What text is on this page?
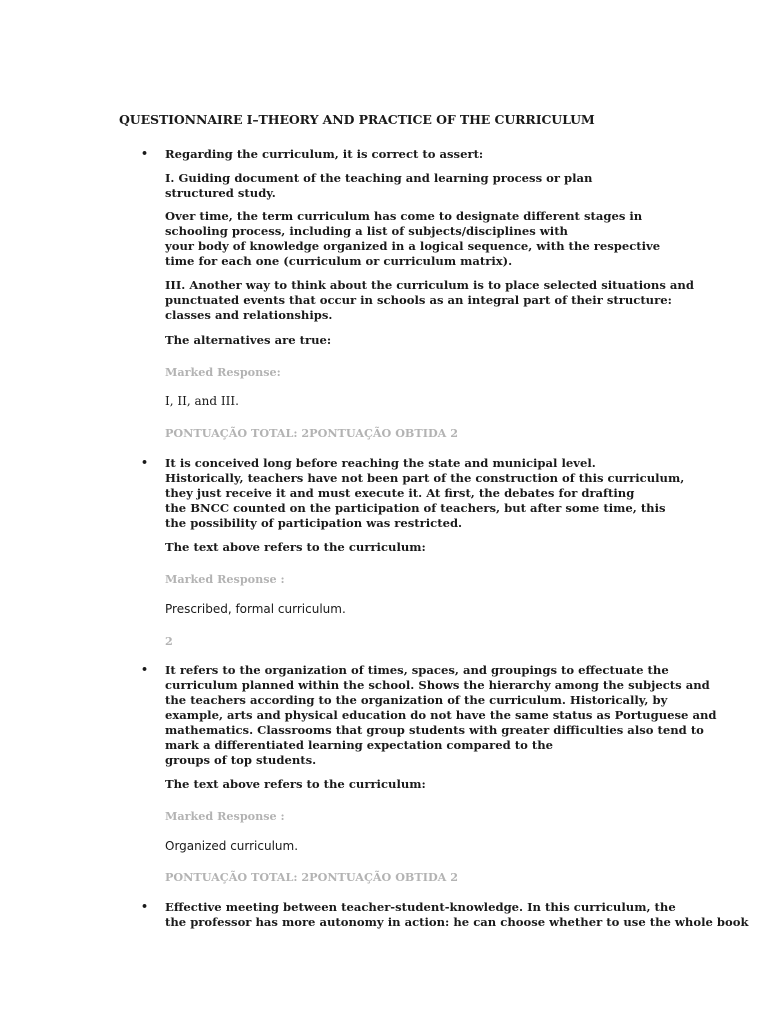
QUESTIONNAIRE I–THEORY AND PRACTICE OF THE CURRICULUM
• Regarding the curriculum, it is correct to assert:
I. Guiding document of the teaching and learning process or plan
structured study.
Over time, the term curriculum has come to designate different stages in
schooling process, including a list of subjects/disciplines with
your body of knowledge organized in a logical sequence, with the respective
time for each one (curriculum or curriculum matrix).
III. Another way to think about the curriculum is to place selected situations and
punctuated events that occur in schools as an integral part of their structure:
classes and relationships.
The alternatives are true:
Marked Response:
I, II, and III.
PONTUAÇÃO TOTAL: 2PONTUAÇÃO OBTIDA 2
• It is conceived long before reaching the state and municipal level.
Historically, teachers have not been part of the construction of this curriculum,
they just receive it and must execute it. At first, the debates for drafting
the BNCC counted on the participation of teachers, but after some time, this
the possibility of participation was restricted.
The text above refers to the curriculum:
Marked Response :
Prescribed, formal curriculum.
2
• It refers to the organization of times, spaces, and groupings to effectuate the
curriculum planned within the school. Shows the hierarchy among the subjects and
the teachers according to the organization of the curriculum. Historically, by
example, arts and physical education do not have the same status as Portuguese and
mathematics. Classrooms that group students with greater difficulties also tend to
mark a differentiated learning expectation compared to the
groups of top students.
The text above refers to the curriculum:
Marked Response :
Organized curriculum.
PONTUAÇÃO TOTAL: 2PONTUAÇÃO OBTIDA 2
• Effective meeting between teacher-student-knowledge. In this curriculum, the
the professor has more autonomy in action: he can choose whether to use the whole book
